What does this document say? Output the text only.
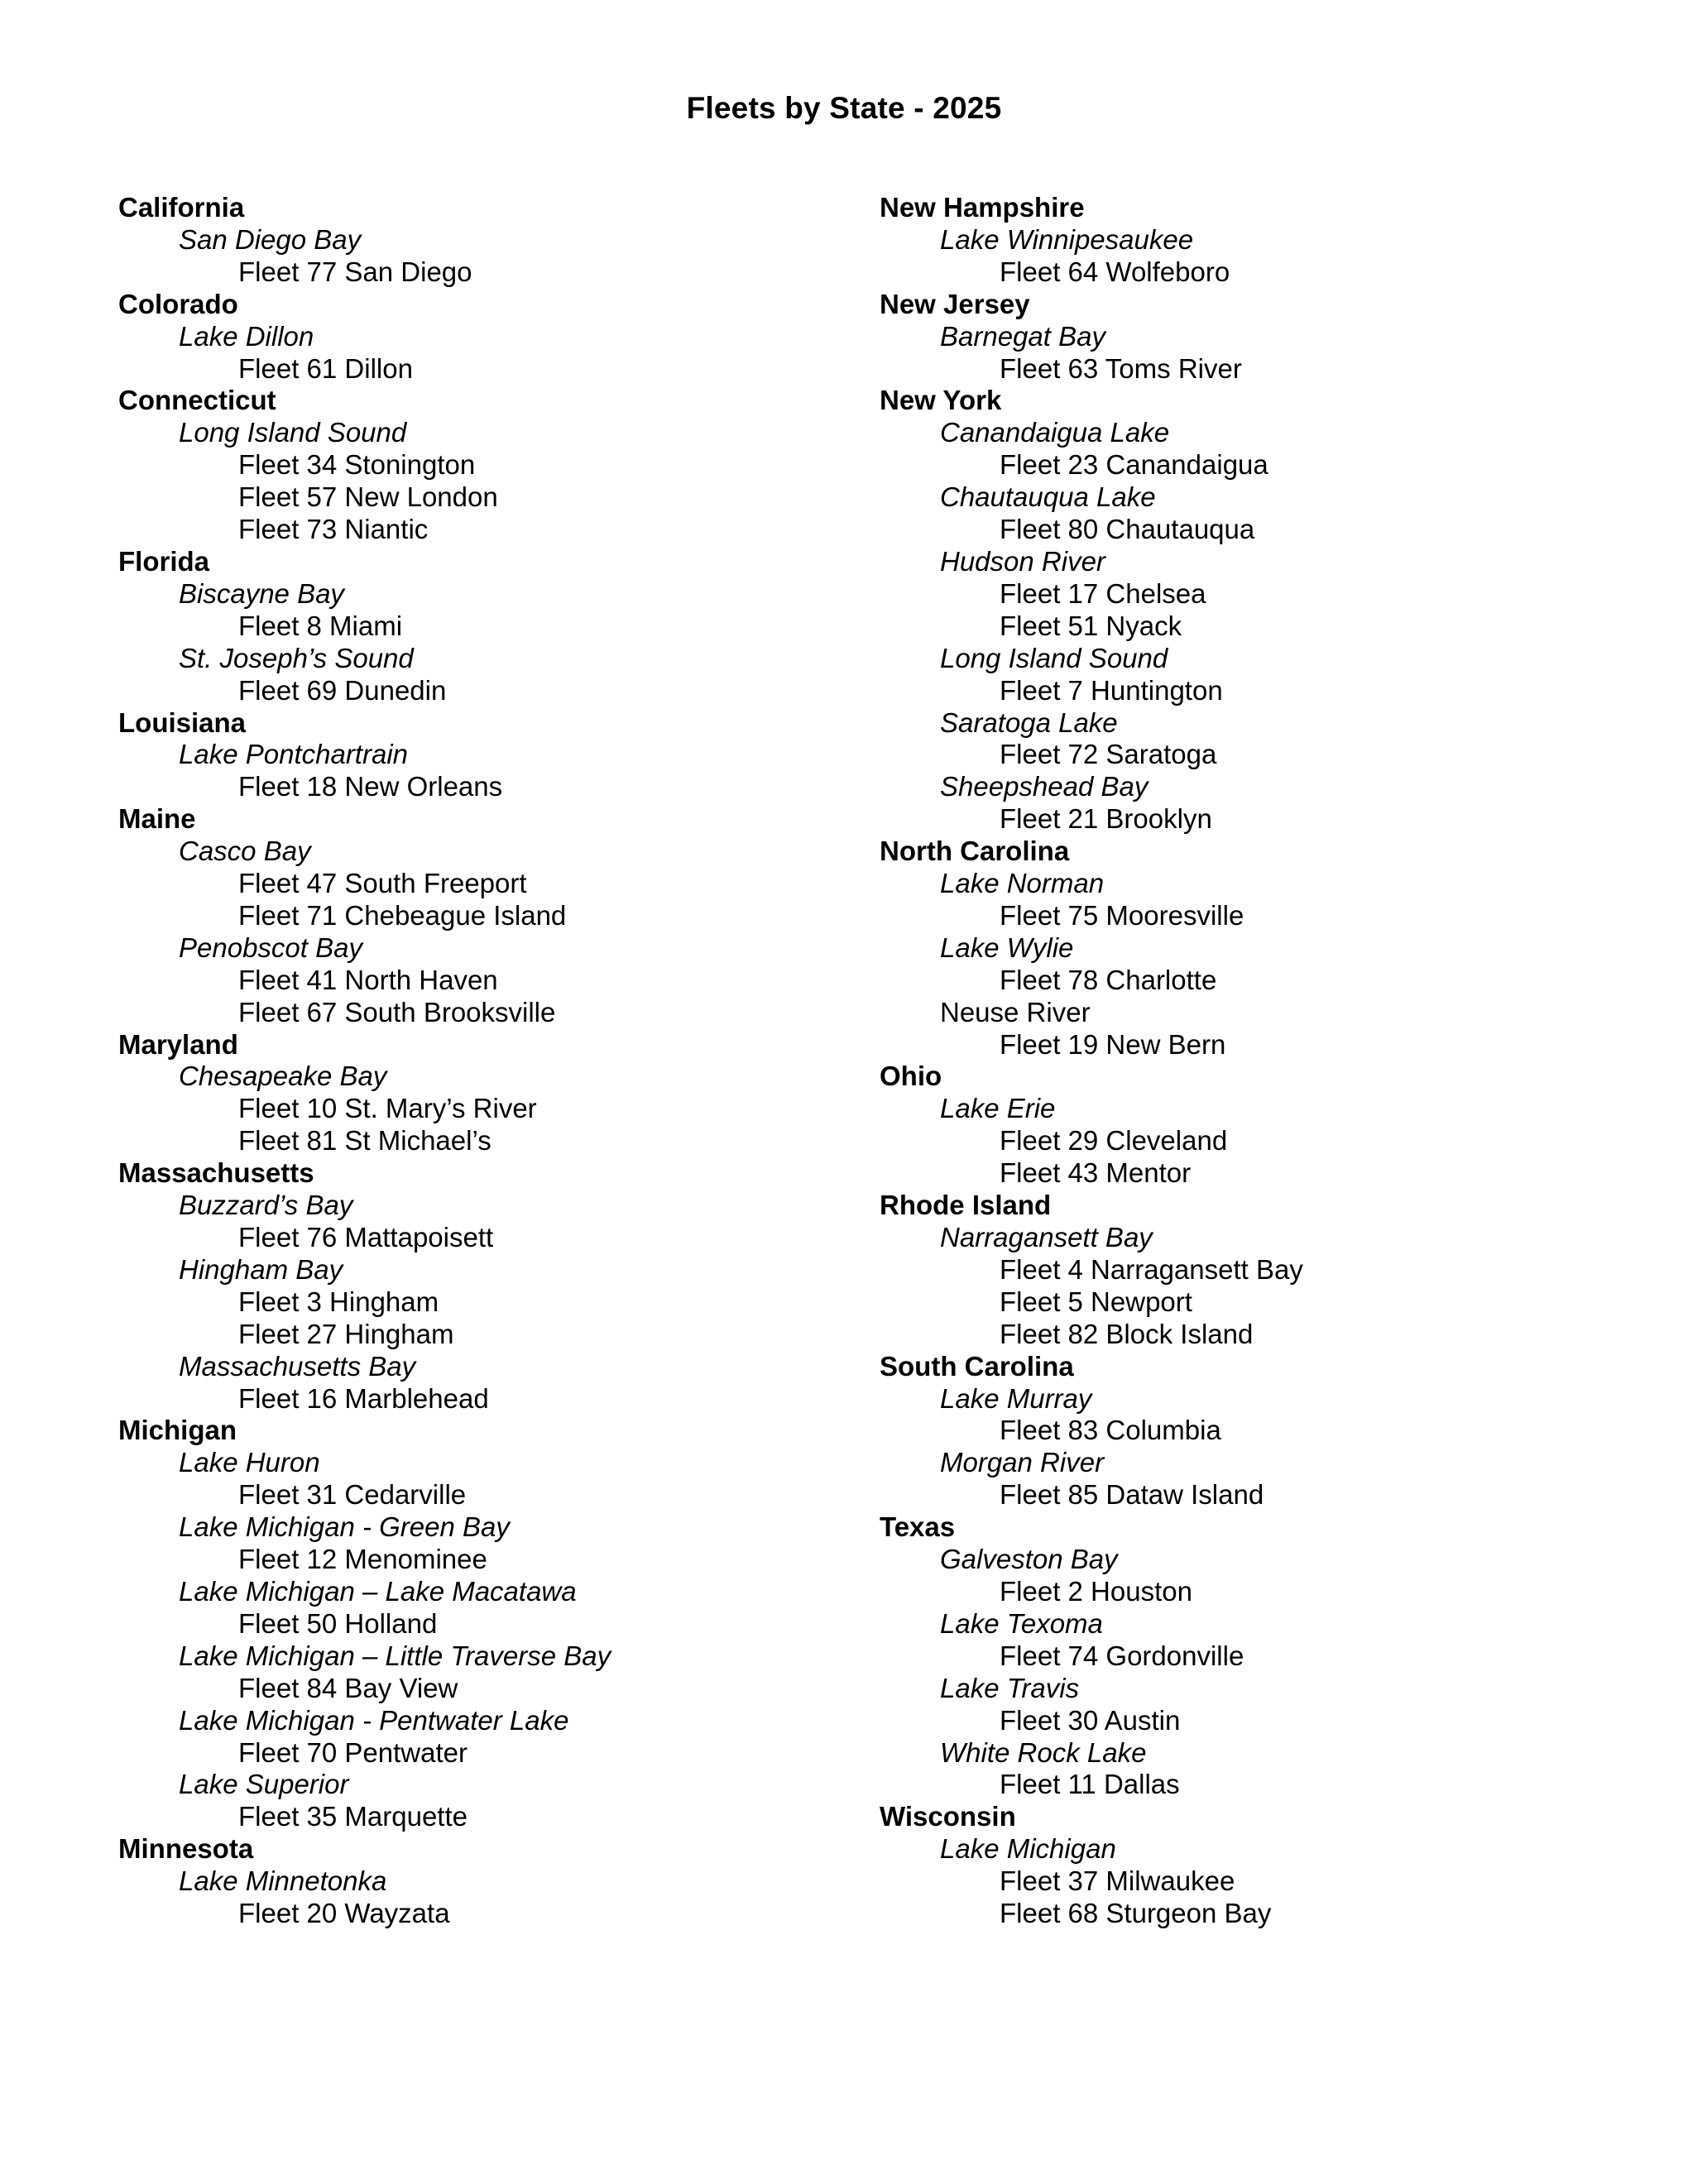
Fleets by State - 2025
California
San Diego Bay
Fleet 77 San Diego
Colorado
Lake Dillon
Fleet 61 Dillon
Connecticut
Long Island Sound
Fleet 34 Stonington
Fleet 57 New London
Fleet 73 Niantic
Florida
Biscayne Bay
Fleet 8 Miami
St. Joseph’s Sound
Fleet 69 Dunedin
Louisiana
Lake Pontchartrain
Fleet 18 New Orleans
Maine
Casco Bay
Fleet 47 South Freeport
Fleet 71 Chebeague Island
Penobscot Bay
Fleet 41 North Haven
Fleet 67 South Brooksville
Maryland
Chesapeake Bay
Fleet 10 St. Mary’s River
Fleet 81 St Michael’s
Massachusetts
Buzzard’s Bay
Fleet 76 Mattapoisett
Hingham Bay
Fleet 3 Hingham
Fleet 27 Hingham
Massachusetts Bay
Fleet 16 Marblehead
Michigan
Lake Huron
Fleet 31 Cedarville
Lake Michigan - Green Bay
Fleet 12 Menominee
Lake Michigan – Lake Macatawa
Fleet 50 Holland
Lake Michigan – Little Traverse Bay
Fleet 84 Bay View
Lake Michigan - Pentwater Lake
Fleet 70 Pentwater
Lake Superior
Fleet 35 Marquette
Minnesota
Lake Minnetonka
Fleet 20 Wayzata
New Hampshire
Lake Winnipesaukee
Fleet 64 Wolfeboro
New Jersey
Barnegat Bay
Fleet 63 Toms River
New York
Canandaigua Lake
Fleet 23 Canandaigua
Chautauqua Lake
Fleet 80 Chautauqua
Hudson River
Fleet 17 Chelsea
Fleet 51 Nyack
Long Island Sound
Fleet 7 Huntington
Saratoga Lake
Fleet 72 Saratoga
Sheepshead Bay
Fleet 21 Brooklyn
North Carolina
Lake Norman
Fleet 75 Mooresville
Lake Wylie
Fleet 78 Charlotte
Neuse River
Fleet 19 New Bern
Ohio
Lake Erie
Fleet 29 Cleveland
Fleet 43 Mentor
Rhode Island
Narragansett Bay
Fleet 4 Narragansett Bay
Fleet 5 Newport
Fleet 82 Block Island
South Carolina
Lake Murray
Fleet 83 Columbia
Morgan River
Fleet 85 Dataw Island
Texas
Galveston Bay
Fleet 2 Houston
Lake Texoma
Fleet 74 Gordonville
Lake Travis
Fleet 30 Austin
White Rock Lake
Fleet 11 Dallas
Wisconsin
Lake Michigan
Fleet 37 Milwaukee
Fleet 68 Sturgeon Bay
